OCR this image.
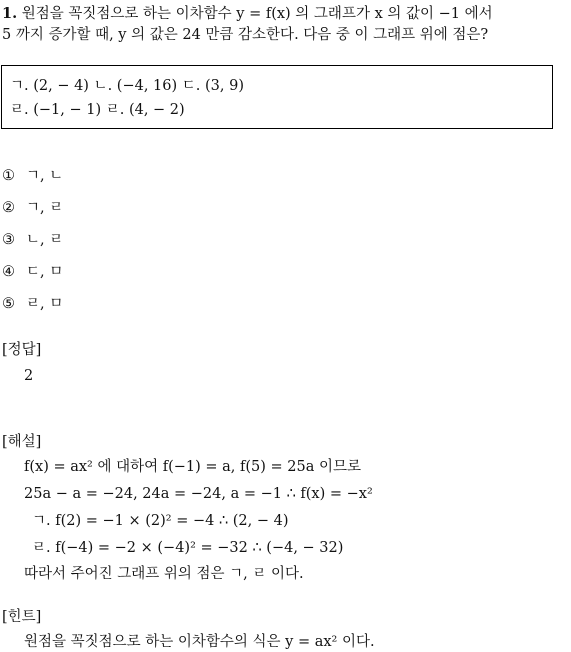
1. 원점을 꼭짓점으로 하는 이차함수 y = f(x) 의 그래프가 x 의 값이 −1 에서
5 까지 증가할 때, y 의 값은 24 만큼 감소한다. 다음 중 이 그래프 위에 점은?
ㄱ. (2, − 4) ㄴ. (−4, 16) ㄷ. (3, 9)
ㄹ. (−1, − 1) ㄹ. (4, − 2)
① ㄱ, ㄴ
② ㄱ, ㄹ
③ ㄴ, ㄹ
④ ㄷ, ㅁ
⑤ ㄹ, ㅁ
[정답]
2
[해설]
f(x) = ax² 에 대하여 f(−1) = a, f(5) = 25a 이므로
25a − a = −24, 24a = −24, a = −1 ∴ f(x) = −x²
ㄱ. f(2) = −1 × (2)² = −4 ∴ (2, − 4)
ㄹ. f(−4) = −2 × (−4)² = −32 ∴ (−4, − 32)
따라서 주어진 그래프 위의 점은 ㄱ, ㄹ 이다.
[힌트]
원점을 꼭짓점으로 하는 이차함수의 식은 y = ax² 이다.
